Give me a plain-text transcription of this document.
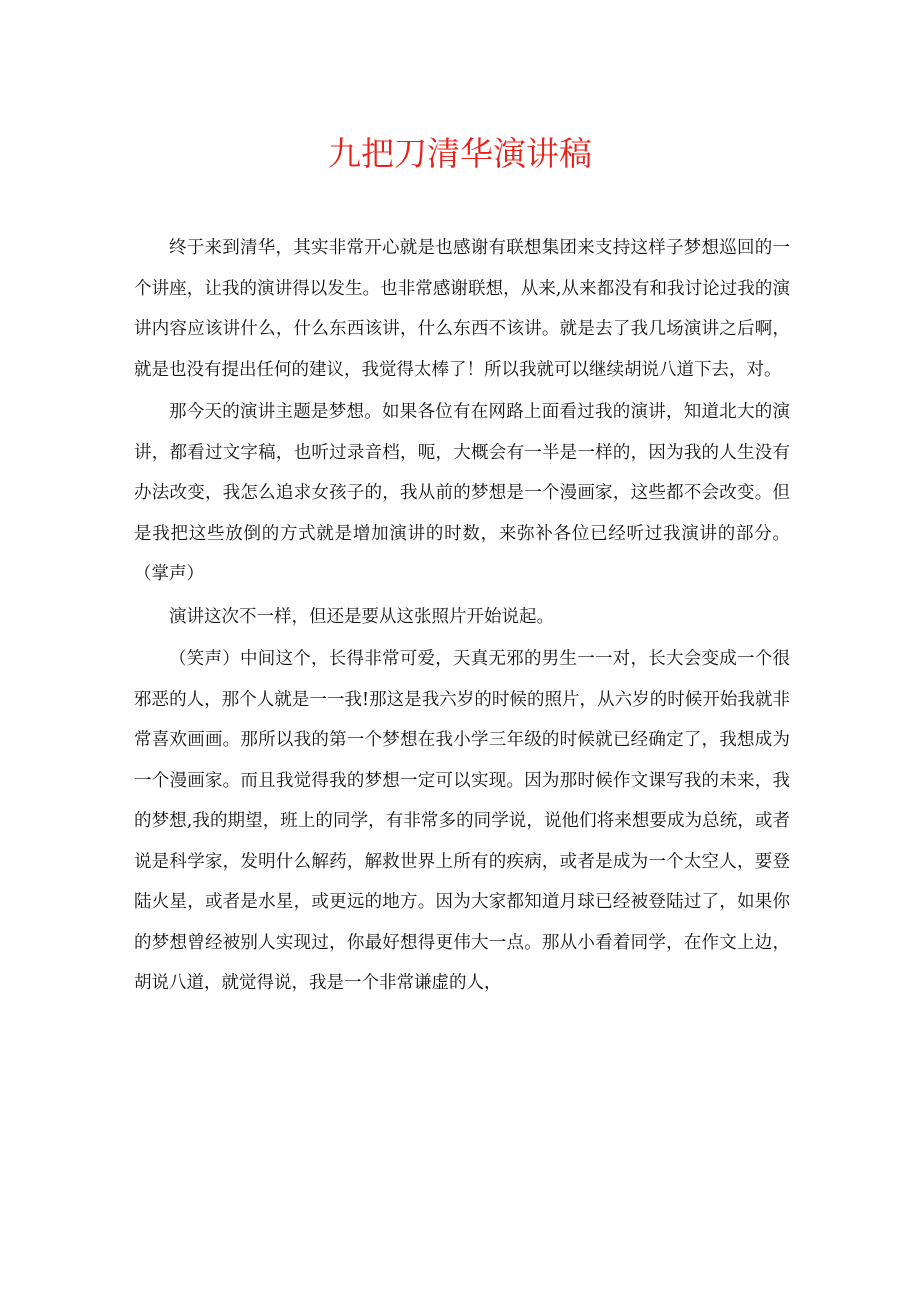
九把刀清华演讲稿

终于来到清华，其实非常开心就是也感谢有联想集团来支持这样子梦想巡回的一个讲座，让我的演讲得以发生。也非常感谢联想，从来,从来都没有和我讨论过我的演讲内容应该讲什么，什么东西该讲，什么东西不该讲。就是去了我几场演讲之后啊，就是也没有提出任何的建议，我觉得太棒了！所以我就可以继续胡说八道下去，对。

那今天的演讲主题是梦想。如果各位有在网路上面看过我的演讲，知道北大的演讲，都看过文字稿，也听过录音档，呃，大概会有一半是一样的，因为我的人生没有办法改变，我怎么追求女孩子的，我从前的梦想是一个漫画家，这些都不会改变。但是我把这些放倒的方式就是增加演讲的时数，来弥补各位已经听过我演讲的部分。（掌声）

演讲这次不一样，但还是要从这张照片开始说起。

（笑声）中间这个，长得非常可爱，天真无邪的男生一一对，长大会变成一个很邪恶的人，那个人就是一一我!那这是我六岁的时候的照片，从六岁的时候开始我就非常喜欢画画。那所以我的第一个梦想在我小学三年级的时候就已经确定了，我想成为一个漫画家。而且我觉得我的梦想一定可以实现。因为那时候作文课写我的未来，我的梦想,我的期望，班上的同学，有非常多的同学说，说他们将来想要成为总统，或者说是科学家，发明什么解药，解救世界上所有的疾病，或者是成为一个太空人，要登陆火星，或者是水星，或更远的地方。因为大家都知道月球已经被登陆过了，如果你的梦想曾经被别人实现过，你最好想得更伟大一点。那从小看着同学，在作文上边，胡说八道，就觉得说，我是一个非常谦虚的人，
